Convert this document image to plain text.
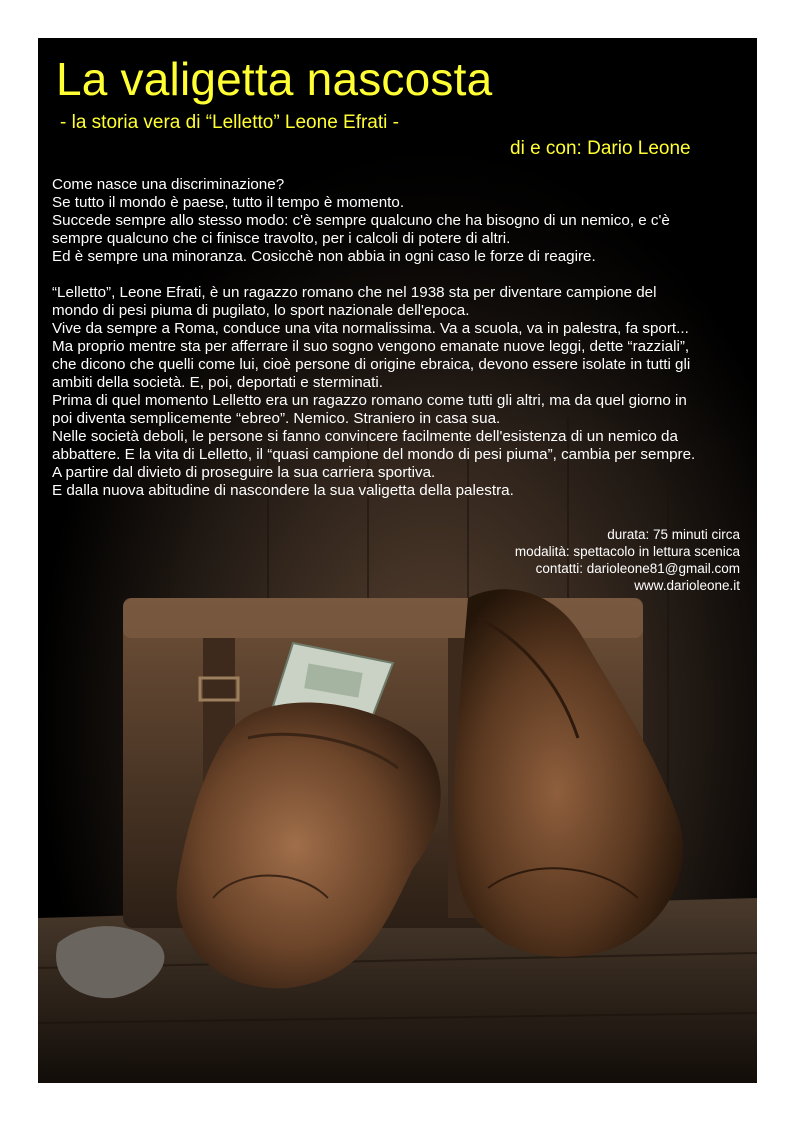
La valigetta nascosta
- la storia vera di “Lelletto” Leone Efrati -
di e con: Dario Leone

Come nasce una discriminazione?
Se tutto il mondo è paese, tutto il tempo è momento.
Succede sempre allo stesso modo: c'è sempre qualcuno che ha bisogno di un nemico, e c'è
sempre qualcuno che ci finisce travolto, per i calcoli di potere di altri.
Ed è sempre una minoranza. Cosicchè non abbia in ogni caso le forze di reagire.

“Lelletto”, Leone Efrati, è un ragazzo romano che nel 1938 sta per diventare campione del
mondo di pesi piuma di pugilato, lo sport nazionale dell'epoca.
Vive da sempre a Roma, conduce una vita normalissima. Va a scuola, va in palestra, fa sport...
Ma proprio mentre sta per afferrare il suo sogno vengono emanate nuove leggi, dette “razziali”,
che dicono che quelli come lui, cioè persone di origine ebraica, devono essere isolate in tutti gli
ambiti della società. E, poi, deportati e sterminati.
Prima di quel momento Lelletto era un ragazzo romano come tutti gli altri, ma da quel giorno in
poi diventa semplicemente “ebreo”. Nemico. Straniero in casa sua.
Nelle società deboli, le persone si fanno convincere facilmente dell'esistenza di un nemico da
abbattere. E la vita di Lelletto, il “quasi campione del mondo di pesi piuma”, cambia per sempre.
A partire dal divieto di proseguire la sua carriera sportiva.
E dalla nuova abitudine di nascondere la sua valigetta della palestra.

durata: 75 minuti circa
modalità: spettacolo in lettura scenica
contatti: darioleone81@gmail.com
www.darioleone.it
